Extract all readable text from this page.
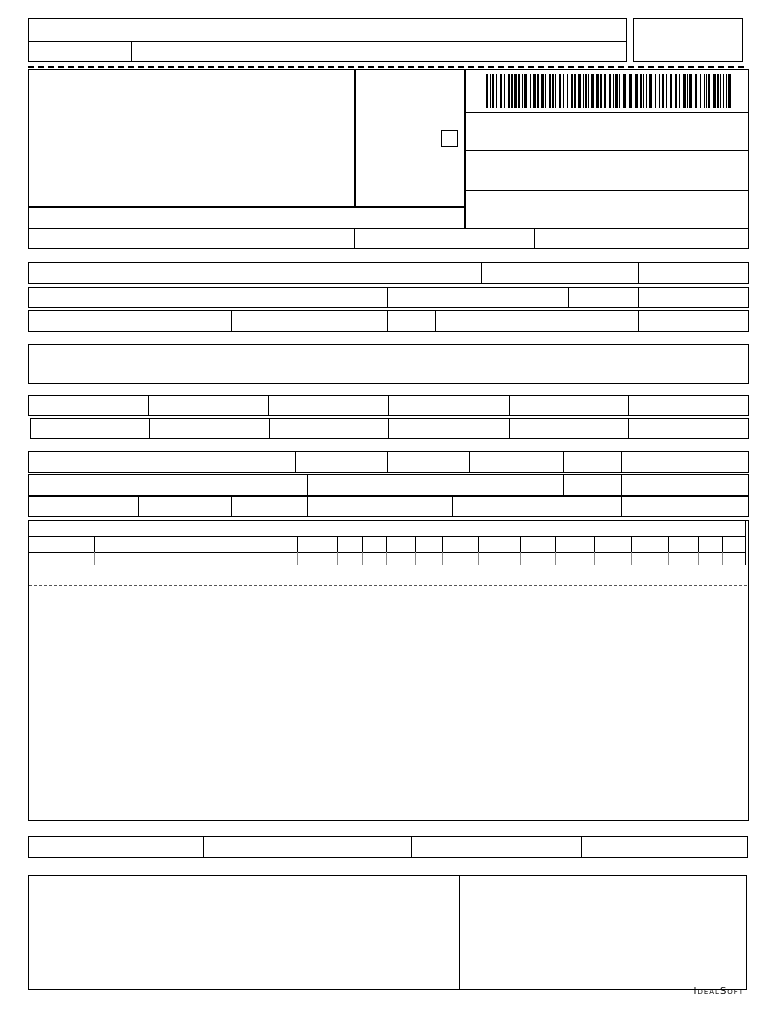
IdealSoft
